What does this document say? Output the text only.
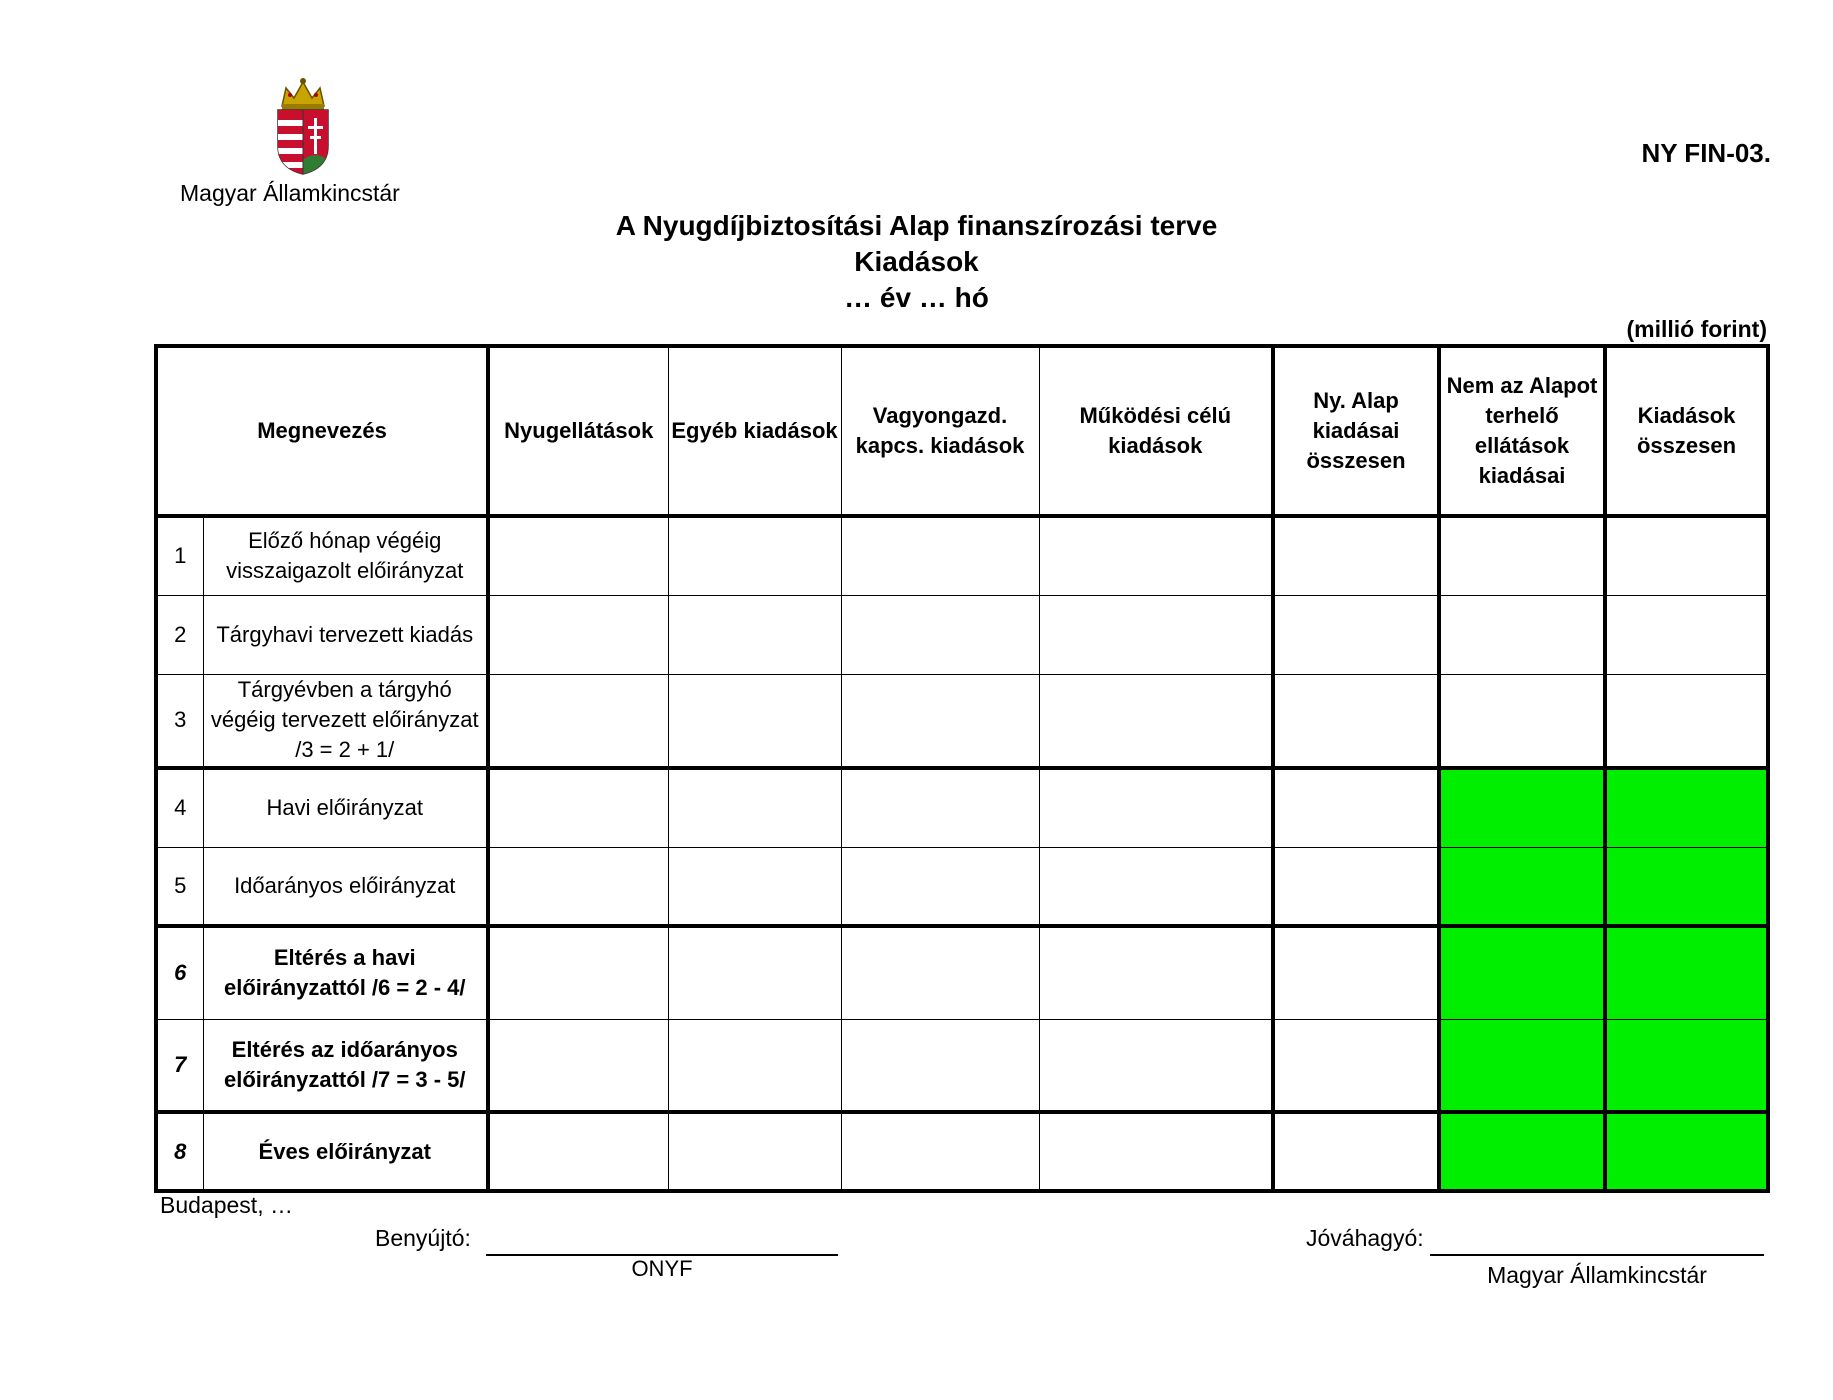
Magyar Államkincstár
NY FIN-03.
A Nyugdíjbiztosítási Alap finanszírozási terve
Kiadások
… év … hó
(millió forint)
Megnevezés		Nyugellátások	Egyéb kiadások	Vagyongazd. kapcs. kiadások	Működési célú kiadások	Ny. Alap kiadásai összesen	Nem az Alapot terhelő ellátások kiadásai	Kiadások összesen
1	Előző hónap végéig visszaigazolt előirányzat							
2	Tárgyhavi tervezett kiadás							
3	Tárgyévben a tárgyhó végéig tervezett előirányzat /3 = 2 + 1/							
4	Havi előirányzat							
5	Időarányos előirányzat							
6	Eltérés a havi előirányzattól /6 = 2 - 4/							
7	Eltérés az időarányos előirányzattól /7 = 3 - 5/							
8	Éves előirányzat							
Budapest, …
Benyújtó:
ONYF
Jóváhagyó:
Magyar Államkincstár
